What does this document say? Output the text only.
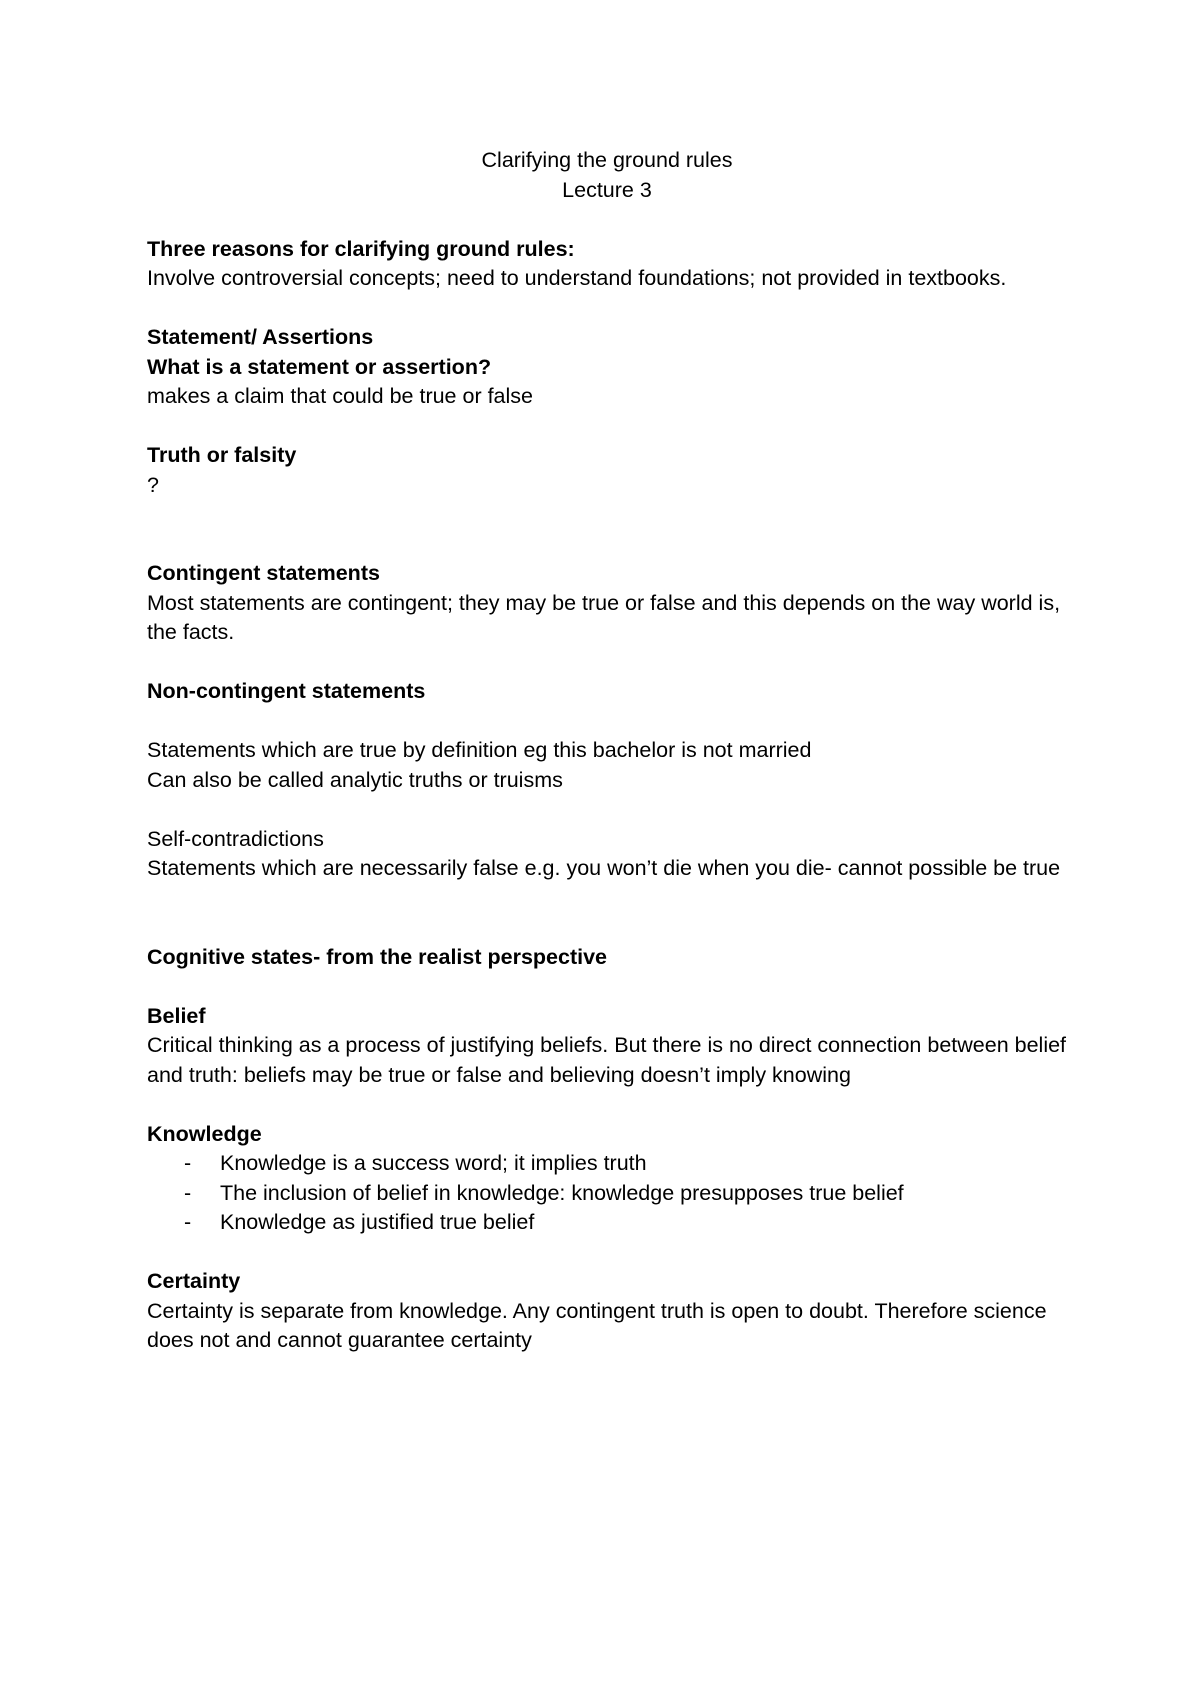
Clarifying the ground rules
Lecture 3
Three reasons for clarifying ground rules:
Involve controversial concepts; need to understand foundations; not provided in textbooks.
Statement/ Assertions
What is a statement or assertion?
makes a claim that could be true or false
Truth or falsity
?
Contingent statements
Most statements are contingent; they may be true or false and this depends on the way world is, the facts.
Non-contingent statements
Statements which are true by definition eg this bachelor is not married
Can also be called analytic truths or truisms
Self-contradictions
Statements which are necessarily false e.g. you won’t die when you die- cannot possible be true
Cognitive states- from the realist perspective
Belief
Critical thinking as a process of justifying beliefs. But there is no direct connection between belief and truth: beliefs may be true or false and believing doesn’t imply knowing
Knowledge
- Knowledge is a success word; it implies truth
- The inclusion of belief in knowledge: knowledge presupposes true belief
- Knowledge as justified true belief
Certainty
Certainty is separate from knowledge. Any contingent truth is open to doubt. Therefore science does not and cannot guarantee certainty
